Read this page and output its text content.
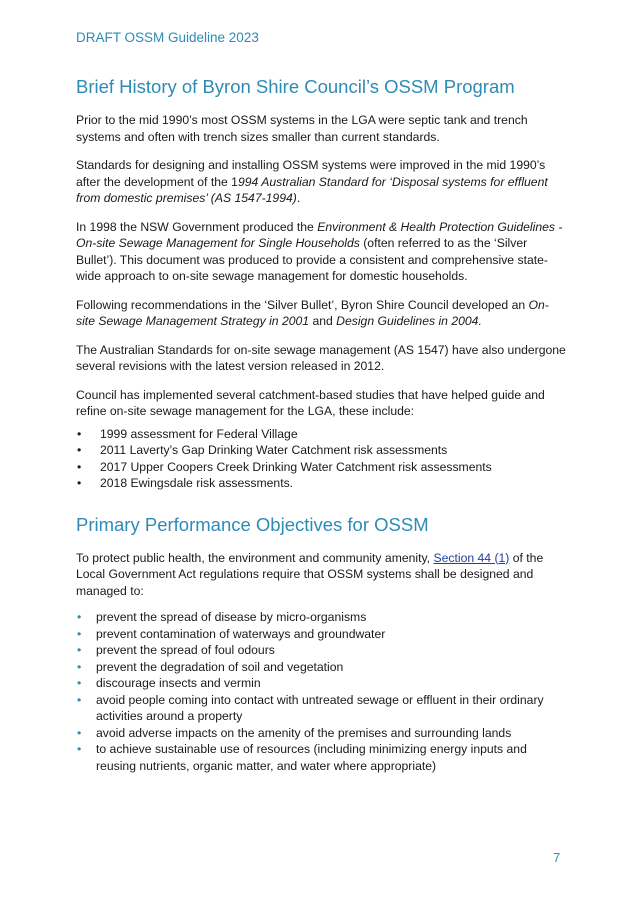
DRAFT OSSM Guideline 2023
Brief History of Byron Shire Council’s OSSM Program

Prior to the mid 1990’s most OSSM systems in the LGA were septic tank and trench systems and often with trench sizes smaller than current standards.

Standards for designing and installing OSSM systems were improved in the mid 1990’s after the development of the 1994 Australian Standard for ‘Disposal systems for effluent from domestic premises’ (AS 1547-1994).

In 1998 the NSW Government produced the Environment & Health Protection Guidelines - On-site Sewage Management for Single Households (often referred to as the ‘Silver Bullet’). This document was produced to provide a consistent and comprehensive state-wide approach to on-site sewage management for domestic households.

Following recommendations in the ‘Silver Bullet’, Byron Shire Council developed an On-site Sewage Management Strategy in 2001 and Design Guidelines in 2004.

The Australian Standards for on-site sewage management (AS 1547) have also undergone several revisions with the latest version released in 2012.

Council has implemented several catchment-based studies that have helped guide and refine on-site sewage management for the LGA, these include:

• 1999 assessment for Federal Village
• 2011 Laverty’s Gap Drinking Water Catchment risk assessments
• 2017 Upper Coopers Creek Drinking Water Catchment risk assessments
• 2018 Ewingsdale risk assessments.
Primary Performance Objectives for OSSM

To protect public health, the environment and community amenity, Section 44 (1) of the Local Government Act regulations require that OSSM systems shall be designed and managed to:

• prevent the spread of disease by micro-organisms
• prevent contamination of waterways and groundwater
• prevent the spread of foul odours
• prevent the degradation of soil and vegetation
• discourage insects and vermin
• avoid people coming into contact with untreated sewage or effluent in their ordinary activities around a property
• avoid adverse impacts on the amenity of the premises and surrounding lands
• to achieve sustainable use of resources (including minimizing energy inputs and reusing nutrients, organic matter, and water where appropriate)
7
